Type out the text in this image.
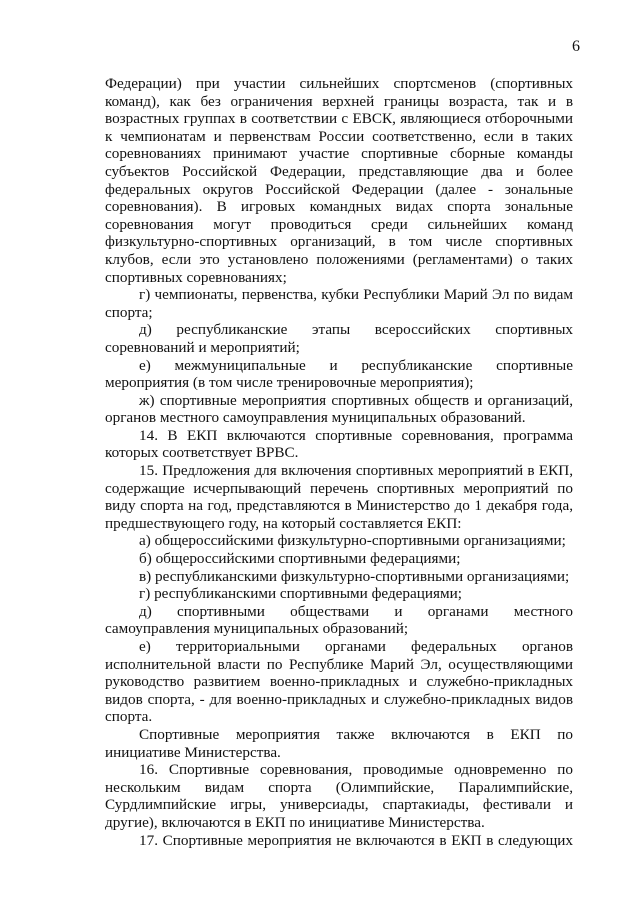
6

Федерации) при участии сильнейших спортсменов (спортивных команд), как без ограничения верхней границы возраста, так и в возрастных группах в соответствии с ЕВСК, являющиеся отборочными к чемпионатам и первенствам России соответственно, если в таких соревнованиях принимают участие спортивные сборные команды субъектов Российской Федерации, представляющие два и более федеральных округов Российской Федерации (далее - зональные соревнования). В игровых командных видах спорта зональные соревнования могут проводиться среди сильнейших команд физкультурно-спортивных организаций, в том числе спортивных клубов, если это установлено положениями (регламентами) о таких спортивных соревнованиях;

г) чемпионаты, первенства, кубки Республики Марий Эл по видам спорта;

д) республиканские этапы всероссийских спортивных соревнований и мероприятий;

е) межмуниципальные и республиканские спортивные мероприятия (в том числе тренировочные мероприятия);

ж) спортивные мероприятия спортивных обществ и организаций, органов местного самоуправления муниципальных образований.

14. В ЕКП включаются спортивные соревнования, программа которых соответствует ВРВС.

15. Предложения для включения спортивных мероприятий в ЕКП, содержащие исчерпывающий перечень спортивных мероприятий по виду спорта на год, представляются в Министерство до 1 декабря года, предшествующего году, на который составляется ЕКП:

а) общероссийскими физкультурно-спортивными организациями;

б) общероссийскими спортивными федерациями;

в) республиканскими физкультурно-спортивными организациями;

г) республиканскими спортивными федерациями;

д) спортивными обществами и органами местного самоуправления муниципальных образований;

е) территориальными органами федеральных органов исполнительной власти по Республике Марий Эл, осуществляющими руководство развитием военно-прикладных и служебно-прикладных видов спорта, - для военно-прикладных и служебно-прикладных видов спорта.

Спортивные мероприятия также включаются в ЕКП по инициативе Министерства.

16. Спортивные соревнования, проводимые одновременно по нескольким видам спорта (Олимпийские, Паралимпийские, Сурдлимпийские игры, универсиады, спартакиады, фестивали и другие), включаются в ЕКП по инициативе Министерства.

17. Спортивные мероприятия не включаются в ЕКП в следующих
